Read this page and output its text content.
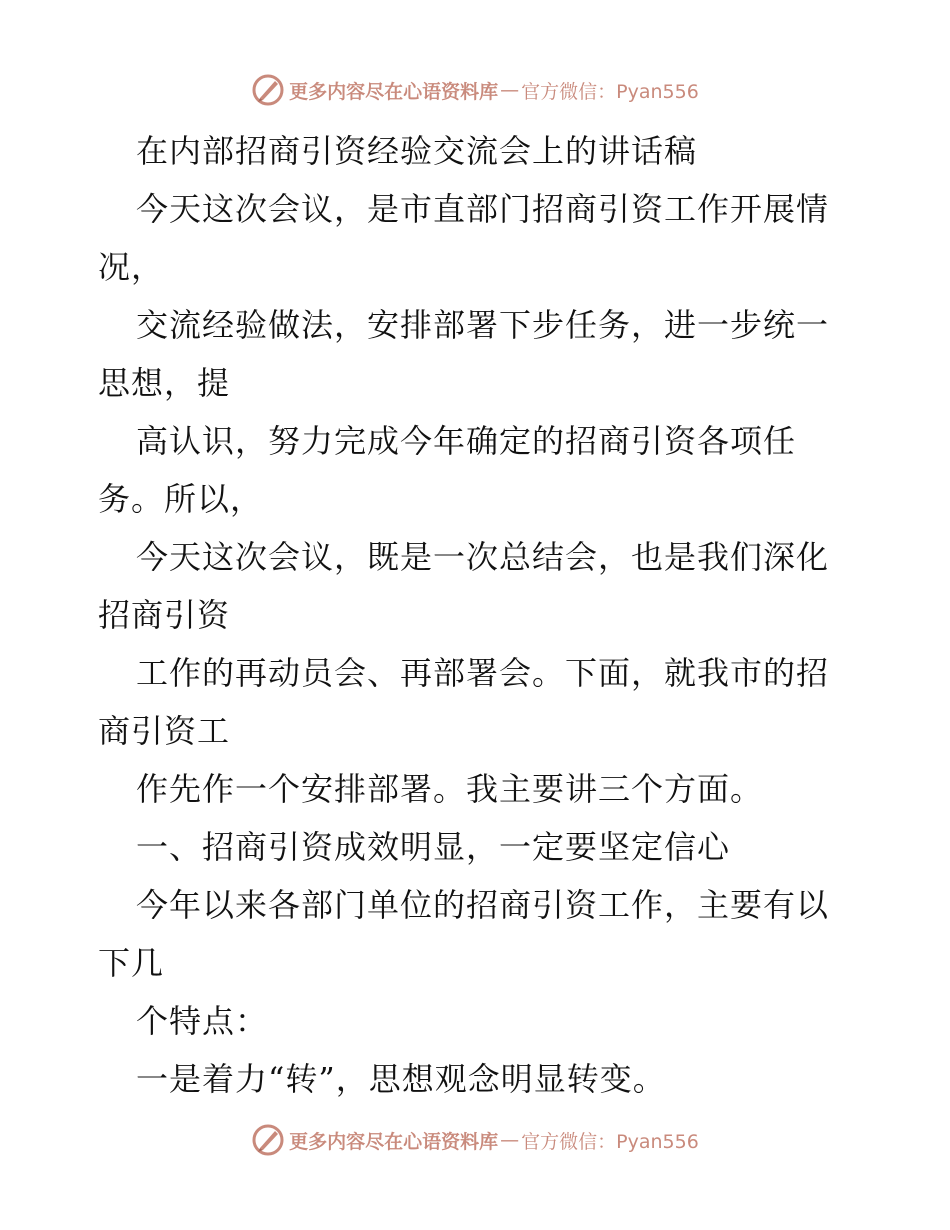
更多内容尽在心语资料库 — 官方微信：Pyan556
在内部招商引资经验交流会上的讲话稿
今天这次会议，是市直部门招商引资工作开展情
况，
交流经验做法，安排部署下步任务，进一步统一
思想，提
高认识，努力完成今年确定的招商引资各项任
务。所以，
今天这次会议，既是一次总结会，也是我们深化
招商引资
工作的再动员会、再部署会。下面，就我市的招
商引资工
作先作一个安排部署。我主要讲三个方面。
一、招商引资成效明显，一定要坚定信心
今年以来各部门单位的招商引资工作，主要有以
下几
个特点：
一是着力“转”，思想观念明显转变。
更多内容尽在心语资料库 — 官方微信：Pyan556
